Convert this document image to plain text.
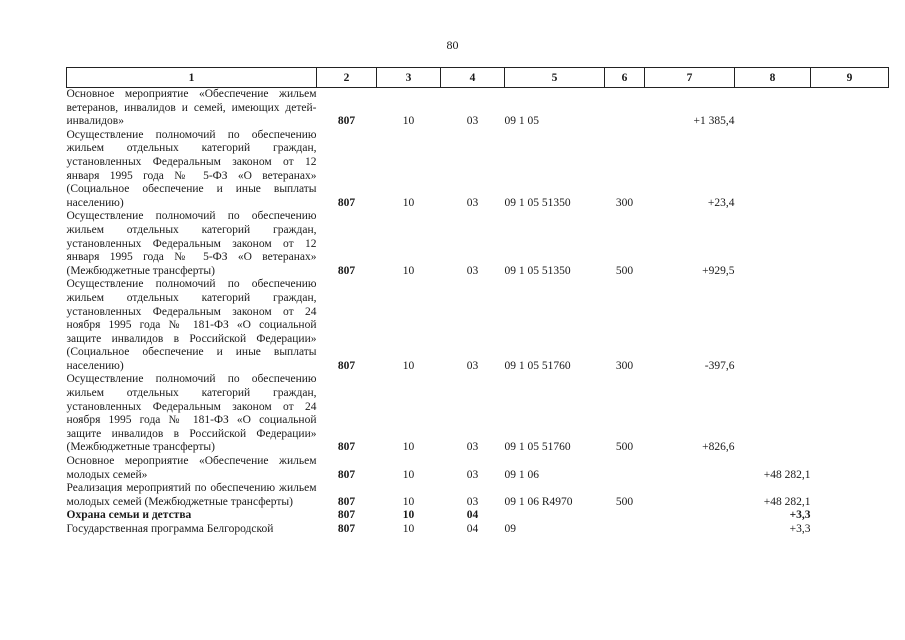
80
1	2	3	4	5	6	7	8	9
Основное мероприятие «Обеспечение жильем ветеранов, инвалидов и семей, имеющих детей-инвалидов»	807	10	03	09 1 05		+1 385,4		
Осуществление полномочий по обеспечению жильем отдельных категорий граждан, установленных Федеральным законом от 12 января 1995 года № 5-ФЗ «О ветеранах» (Социальное обеспечение и иные выплаты населению)	807	10	03	09 1 05 51350	300	+23,4		
Осуществление полномочий по обеспечению жильем отдельных категорий граждан, установленных Федеральным законом от 12 января 1995 года № 5-ФЗ «О ветеранах» (Межбюджетные трансферты)	807	10	03	09 1 05 51350	500	+929,5		
Осуществление полномочий по обеспечению жильем отдельных категорий граждан, установленных Федеральным законом от 24 ноября 1995 года № 181-ФЗ «О социальной защите инвалидов в Российской Федерации» (Социальное обеспечение и иные выплаты населению)	807	10	03	09 1 05 51760	300	-397,6		
Осуществление полномочий по обеспечению жильем отдельных категорий граждан, установленных Федеральным законом от 24 ноября 1995 года № 181-ФЗ «О социальной защите инвалидов в Российской Федерации» (Межбюджетные трансферты)	807	10	03	09 1 05 51760	500	+826,6		
Основное мероприятие «Обеспечение жильем молодых семей»	807	10	03	09 1 06			+48 282,1	
Реализация мероприятий по обеспечению жильем молодых семей (Межбюджетные трансферты)	807	10	03	09 1 06 R4970	500		+48 282,1	
Охрана семьи и детства	807	10	04				+3,3	
Государственная программа Белгородской	807	10	04	09			+3,3	
